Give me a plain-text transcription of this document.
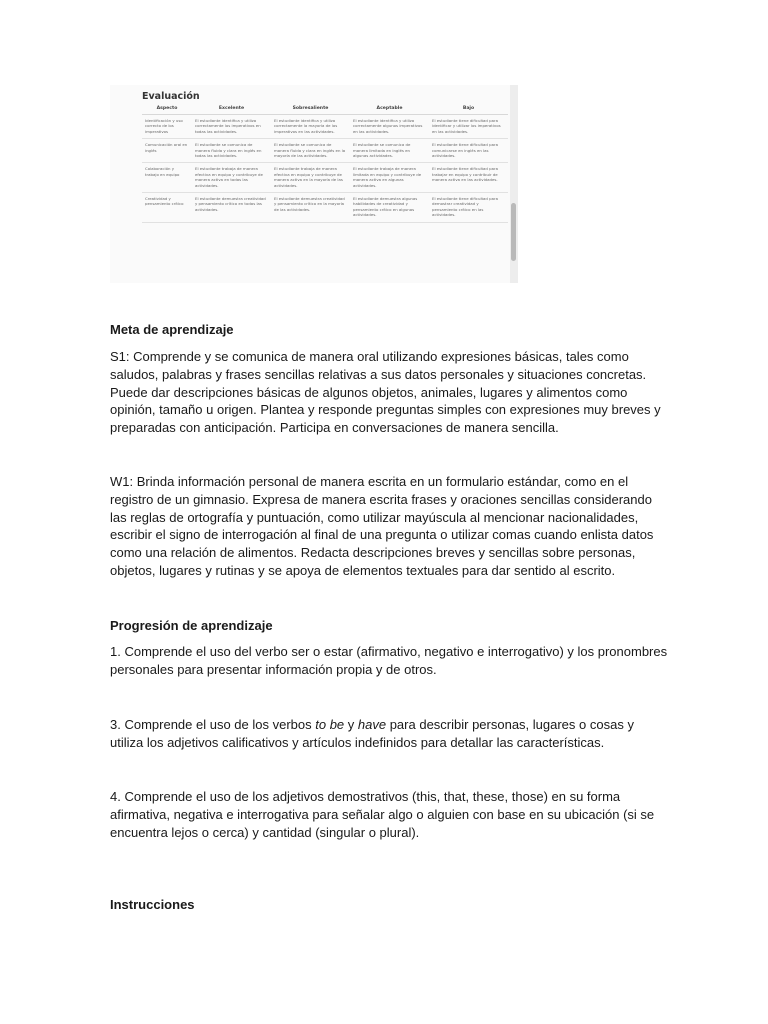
Evaluación
Aspecto	Excelente	Sobresaliente	Aceptable	Bajo
Identificación y uso correcto de los imperativos	El estudiante identifica y utiliza correctamente los imperativos en todas las actividades.	El estudiante identifica y utiliza correctamente la mayoría de los imperativos en las actividades.	El estudiante identifica y utiliza correctamente algunos imperativos en las actividades.	El estudiante tiene dificultad para identificar y utilizar los imperativos en las actividades.
Comunicación oral en inglés	El estudiante se comunica de manera fluida y clara en inglés en todas las actividades.	El estudiante se comunica de manera fluida y clara en inglés en la mayoría de las actividades.	El estudiante se comunica de manera limitada en inglés en algunas actividades.	El estudiante tiene dificultad para comunicarse en inglés en las actividades.
Colaboración y trabajo en equipo	El estudiante trabaja de manera efectiva en equipo y contribuye de manera activa en todas las actividades.	El estudiante trabaja de manera efectiva en equipo y contribuye de manera activa en la mayoría de las actividades.	El estudiante trabaja de manera limitada en equipo y contribuye de manera activa en algunas actividades.	El estudiante tiene dificultad para trabajar en equipo y contribuir de manera activa en las actividades.
Creatividad y pensamiento crítico	El estudiante demuestra creatividad y pensamiento crítico en todas las actividades.	El estudiante demuestra creatividad y pensamiento crítico en la mayoría de las actividades.	El estudiante demuestra algunas habilidades de creatividad y pensamiento crítico en algunas actividades.	El estudiante tiene dificultad para demostrar creatividad y pensamiento crítico en las actividades.
Meta de aprendizaje
S1: Comprende y se comunica de manera oral utilizando expresiones básicas, tales como saludos, palabras y frases sencillas relativas a sus datos personales y situaciones concretas. Puede dar descripciones básicas de algunos objetos, animales, lugares y alimentos como opinión, tamaño u origen. Plantea y responde preguntas simples con expresiones muy breves y preparadas con anticipación. Participa en conversaciones de manera sencilla.
W1: Brinda información personal de manera escrita en un formulario estándar, como en el registro de un gimnasio. Expresa de manera escrita frases y oraciones sencillas considerando las reglas de ortografía y puntuación, como utilizar mayúscula al mencionar nacionalidades, escribir el signo de interrogación al final de una pregunta o utilizar comas cuando enlista datos como una relación de alimentos. Redacta descripciones breves y sencillas sobre personas, objetos, lugares y rutinas y se apoya de elementos textuales para dar sentido al escrito.
Progresión de aprendizaje
1. Comprende el uso del verbo ser o estar (afirmativo, negativo e interrogativo) y los pronombres personales para presentar información propia y de otros.
3. Comprende el uso de los verbos to be y have para describir personas, lugares o cosas y utiliza los adjetivos calificativos y artículos indefinidos para detallar las características.
4. Comprende el uso de los adjetivos demostrativos (this, that, these, those) en su forma afirmativa, negativa e interrogativa para señalar algo o alguien con base en su ubicación (si se encuentra lejos o cerca) y cantidad (singular o plural).
Instrucciones
